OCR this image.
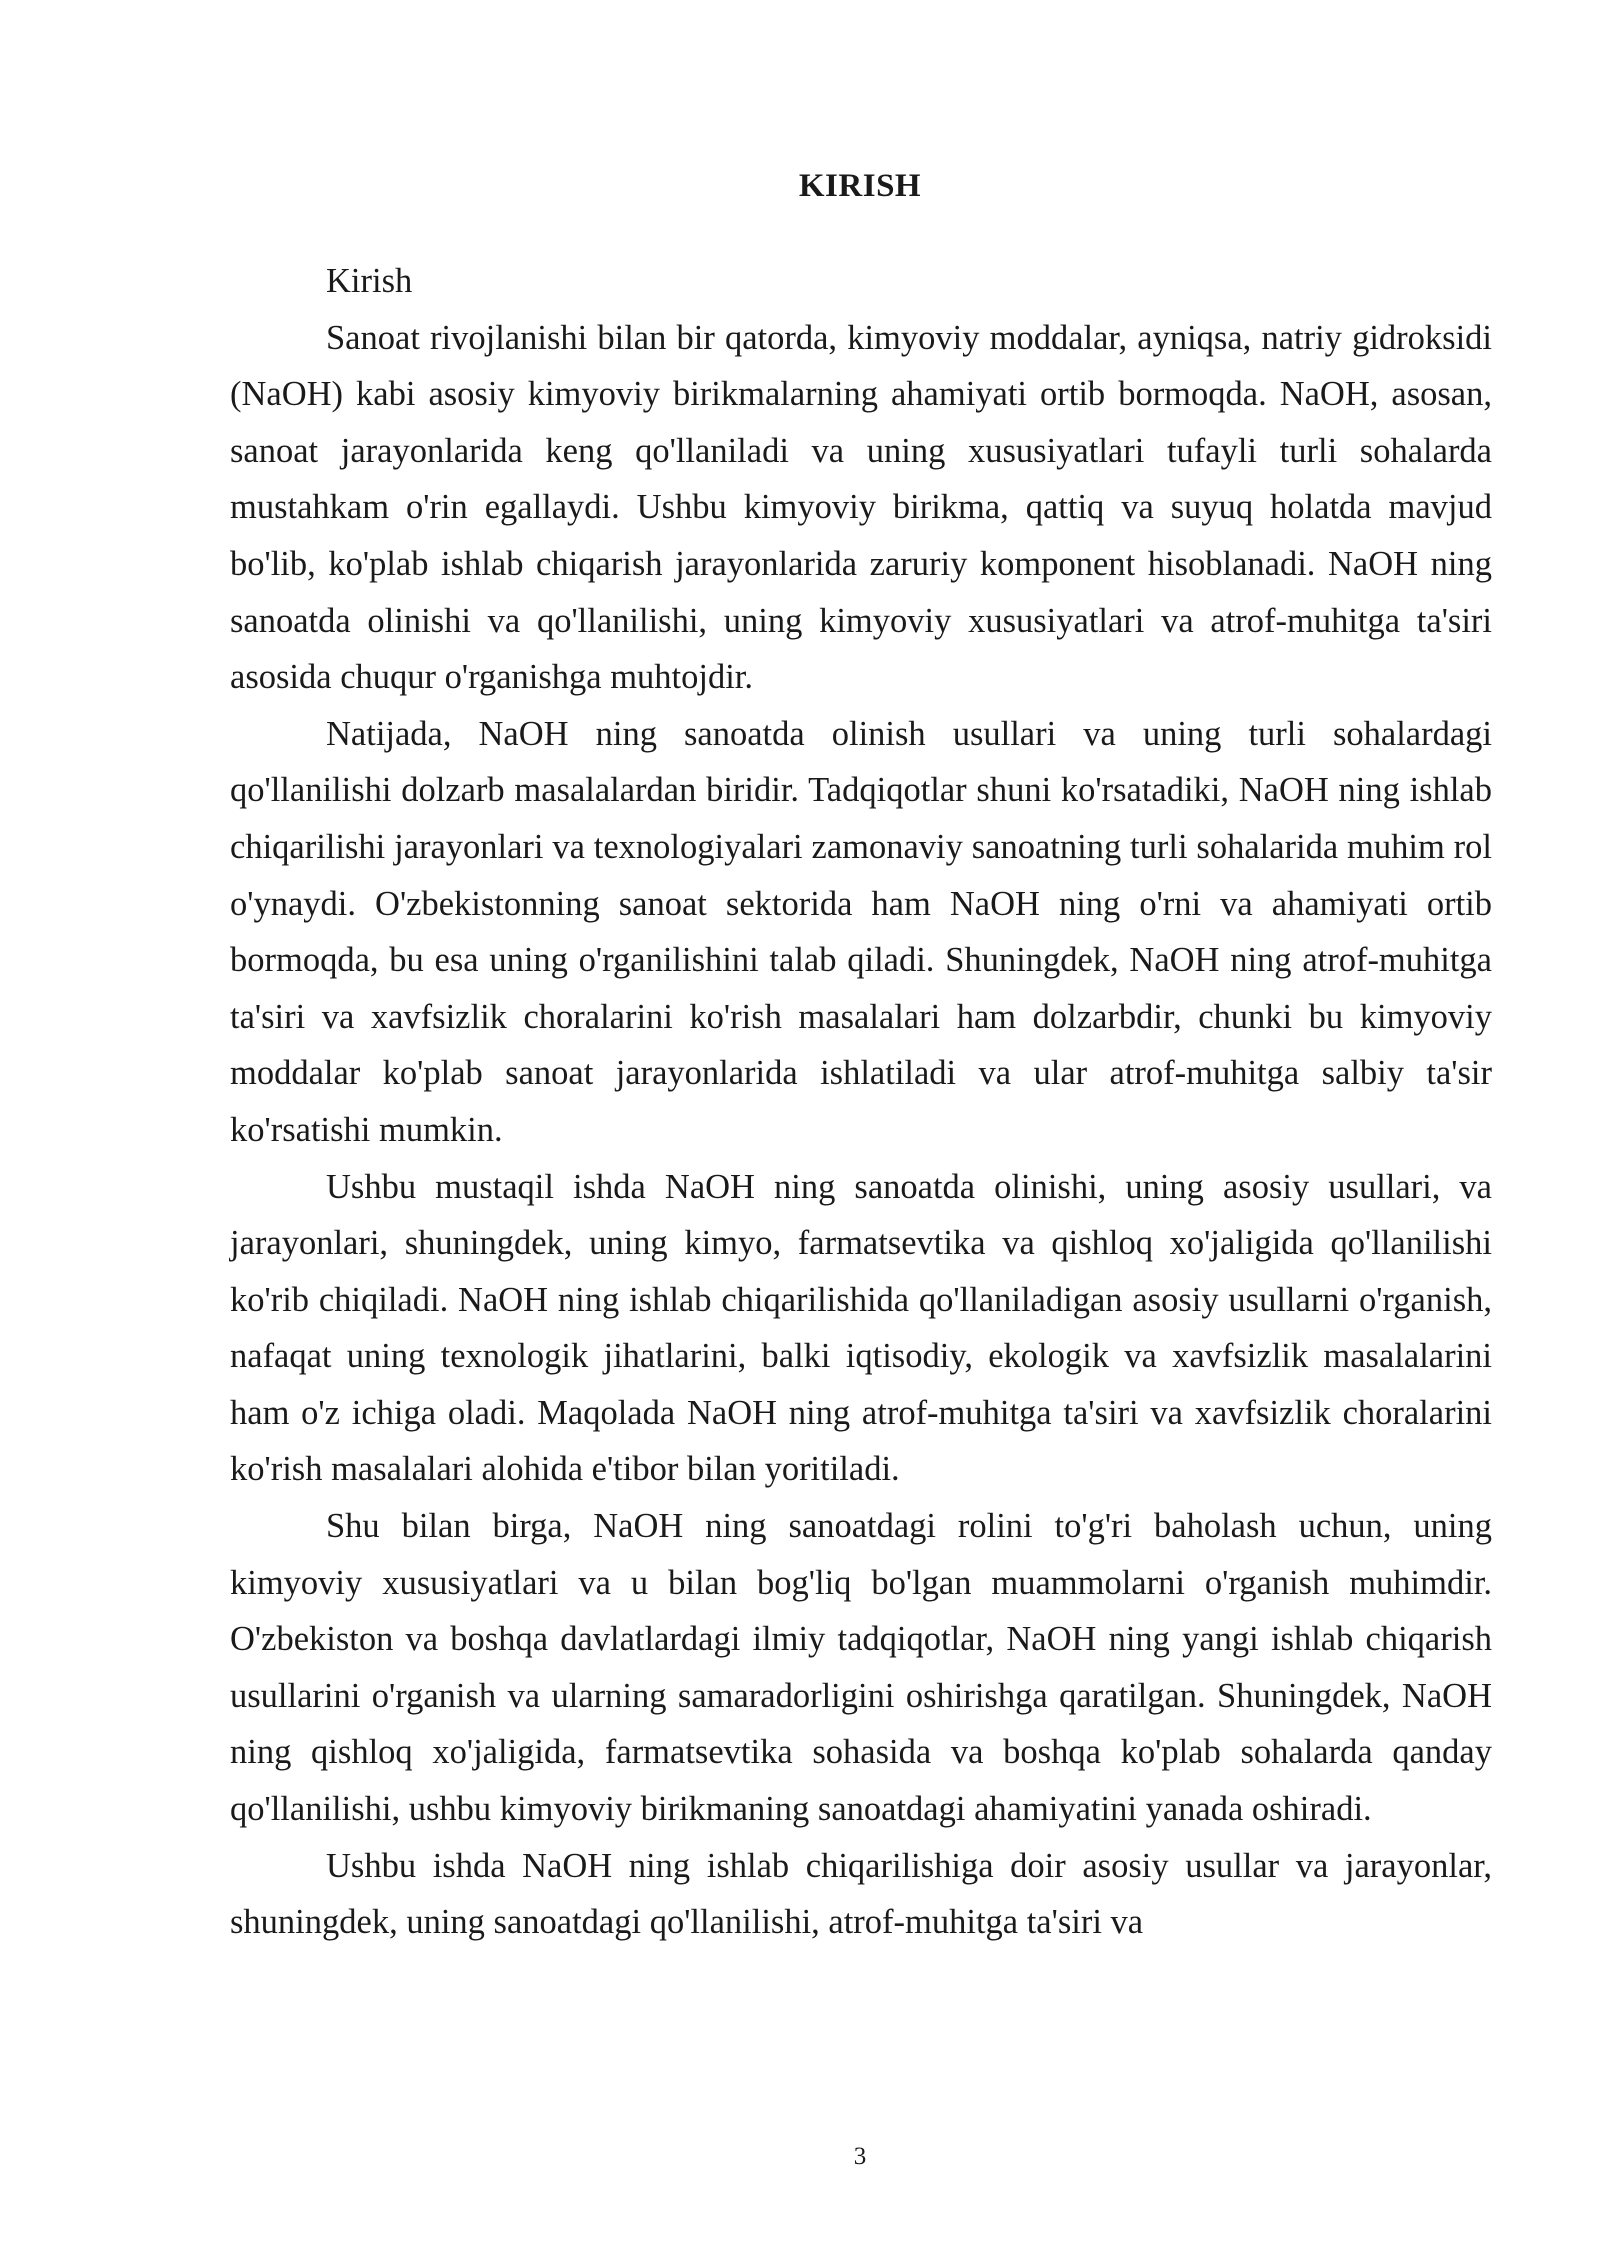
KIRISH

Kirish

Sanoat rivojlanishi bilan bir qatorda, kimyoviy moddalar, ayniqsa, natriy gidroksidi (NaOH) kabi asosiy kimyoviy birikmalarning ahamiyati ortib bormoqda. NaOH, asosan, sanoat jarayonlarida keng qo'llaniladi va uning xususiyatlari tufayli turli sohalarda mustahkam o'rin egallaydi. Ushbu kimyoviy birikma, qattiq va suyuq holatda mavjud bo'lib, ko'plab ishlab chiqarish jarayonlarida zaruriy komponent hisoblanadi. NaOH ning sanoatda olinishi va qo'llanilishi, uning kimyoviy xususiyatlari va atrof-muhitga ta'siri asosida chuqur o'rganishga muhtojdir.

Natijada, NaOH ning sanoatda olinish usullari va uning turli sohalardagi qo'llanilishi dolzarb masalalardan biridir. Tadqiqotlar shuni ko'rsatadiki, NaOH ning ishlab chiqarilishi jarayonlari va texnologiyalari zamonaviy sanoatning turli sohalarida muhim rol o'ynaydi. O'zbekistonning sanoat sektorida ham NaOH ning o'rni va ahamiyati ortib bormoqda, bu esa uning o'rganilishini talab qiladi. Shuningdek, NaOH ning atrof-muhitga ta'siri va xavfsizlik choralarini ko'rish masalalari ham dolzarbdir, chunki bu kimyoviy moddalar ko'plab sanoat jarayonlarida ishlatiladi va ular atrof-muhitga salbiy ta'sir ko'rsatishi mumkin.

Ushbu mustaqil ishda NaOH ning sanoatda olinishi, uning asosiy usullari, va jarayonlari, shuningdek, uning kimyo, farmatsevtika va qishloq xo'jaligida qo'llanilishi ko'rib chiqiladi. NaOH ning ishlab chiqarilishida qo'llaniladigan asosiy usullarni o'rganish, nafaqat uning texnologik jihatlarini, balki iqtisodiy, ekologik va xavfsizlik masalalarini ham o'z ichiga oladi. Maqolada NaOH ning atrof-muhitga ta'siri va xavfsizlik choralarini ko'rish masalalari alohida e'tibor bilan yoritiladi.

Shu bilan birga, NaOH ning sanoatdagi rolini to'g'ri baholash uchun, uning kimyoviy xususiyatlari va u bilan bog'liq bo'lgan muammolarni o'rganish muhimdir. O'zbekiston va boshqa davlatlardagi ilmiy tadqiqotlar, NaOH ning yangi ishlab chiqarish usullarini o'rganish va ularning samaradorligini oshirishga qaratilgan. Shuningdek, NaOH ning qishloq xo'jaligida, farmatsevtika sohasida va boshqa ko'plab sohalarda qanday qo'llanilishi, ushbu kimyoviy birikmaning sanoatdagi ahamiyatini yanada oshiradi.

Ushbu ishda NaOH ning ishlab chiqarilishiga doir asosiy usullar va jarayonlar, shuningdek, uning sanoatdagi qo'llanilishi, atrof-muhitga ta'siri va

3
